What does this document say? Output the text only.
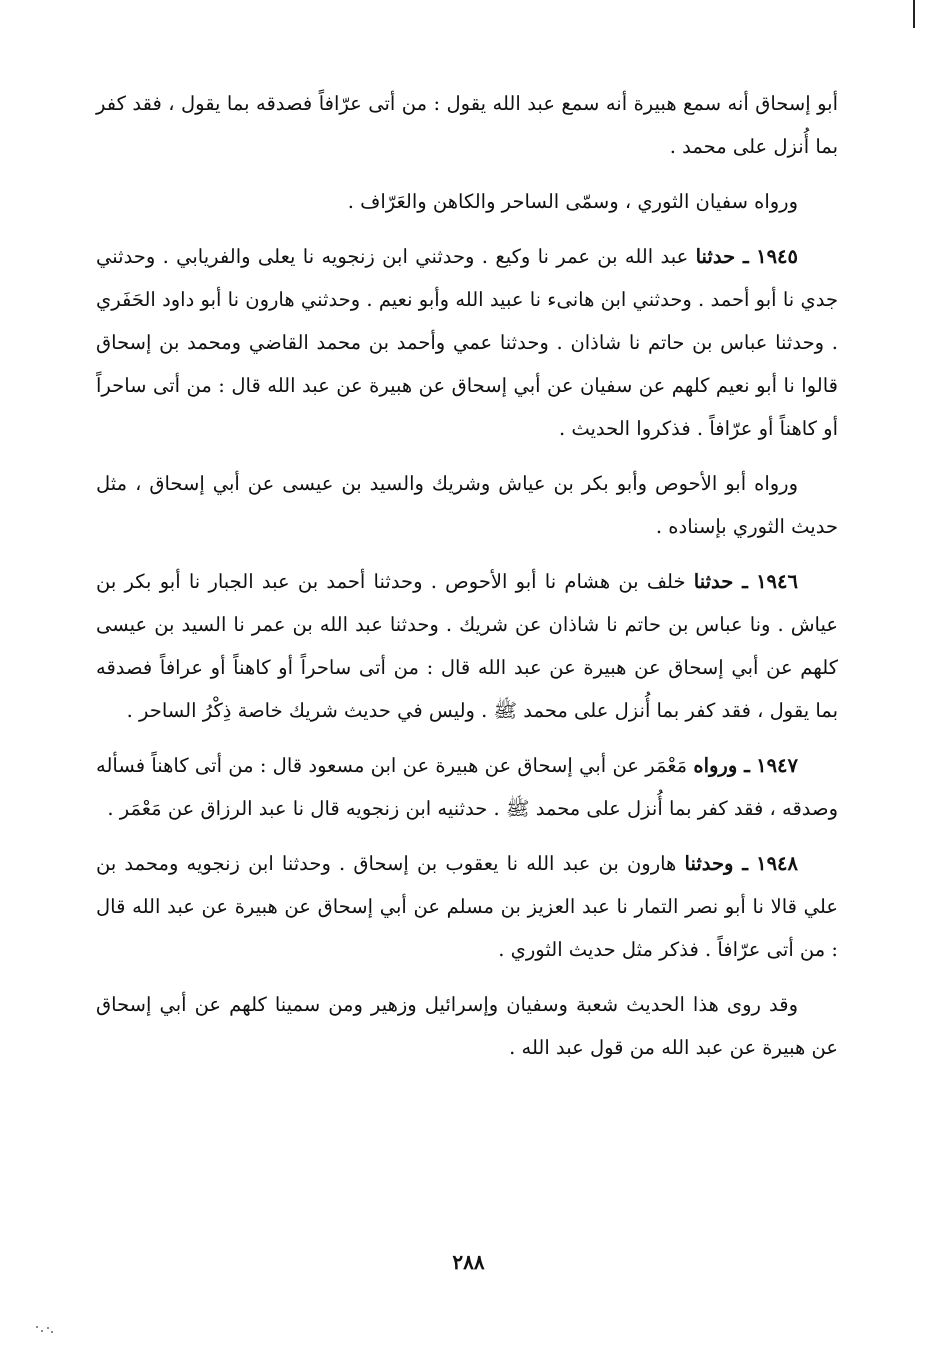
أبو إسحاق أنه سمع هبيرة أنه سمع عبد الله يقول : من أتى عرّافاً فصدقه بما يقول ، فقد كفر بما أُنزل على محمد .

ورواه سفيان الثوري ، وسمّى الساحر والكاهن والعَرّاف .

١٩٤٥ ـ حدثنا عبد الله بن عمر نا وكيع . وحدثني ابن زنجويه نا يعلى والفريابي . وحدثني جدي نا أبو أحمد . وحدثني ابن هانىء نا عبيد الله وأبو نعيم . وحدثني هارون نا أبو داود الحَفَري . وحدثنا عباس بن حاتم نا شاذان . وحدثنا عمي وأحمد بن محمد القاضي ومحمد بن إسحاق قالوا نا أبو نعيم كلهم عن سفيان عن أبي إسحاق عن هبيرة عن عبد الله قال : من أتى ساحراً أو كاهناً أو عرّافاً . فذكروا الحديث .

ورواه أبو الأحوص وأبو بكر بن عياش وشريك والسيد بن عيسى عن أبي إسحاق ، مثل حديث الثوري بإسناده .

١٩٤٦ ـ حدثنا خلف بن هشام نا أبو الأحوص . وحدثنا أحمد بن عبد الجبار نا أبو بكر بن عياش . ونا عباس بن حاتم نا شاذان عن شريك . وحدثنا عبد الله بن عمر نا السيد بن عيسى كلهم عن أبي إسحاق عن هبيرة عن عبد الله قال : من أتى ساحراً أو كاهناً أو عرافاً فصدقه بما يقول ، فقد كفر بما أُنزل على محمد ﷺ . وليس في حديث شريك خاصة ذِكْرُ الساحر .

١٩٤٧ ـ ورواه مَعْمَر عن أبي إسحاق عن هبيرة عن ابن مسعود قال : من أتى كاهناً فسأله وصدقه ، فقد كفر بما أُنزل على محمد ﷺ . حدثنيه ابن زنجويه قال نا عبد الرزاق عن مَعْمَر .

١٩٤٨ ـ وحدثنا هارون بن عبد الله نا يعقوب بن إسحاق . وحدثنا ابن زنجويه ومحمد بن علي قالا نا أبو نصر التمار نا عبد العزيز بن مسلم عن أبي إسحاق عن هبيرة عن عبد الله قال : من أتى عرّافاً . فذكر مثل حديث الثوري .

وقد روى هذا الحديث شعبة وسفيان وإسرائيل وزهير ومن سمينا كلهم عن أبي إسحاق عن هبيرة عن عبد الله من قول عبد الله .

٢٨٨
